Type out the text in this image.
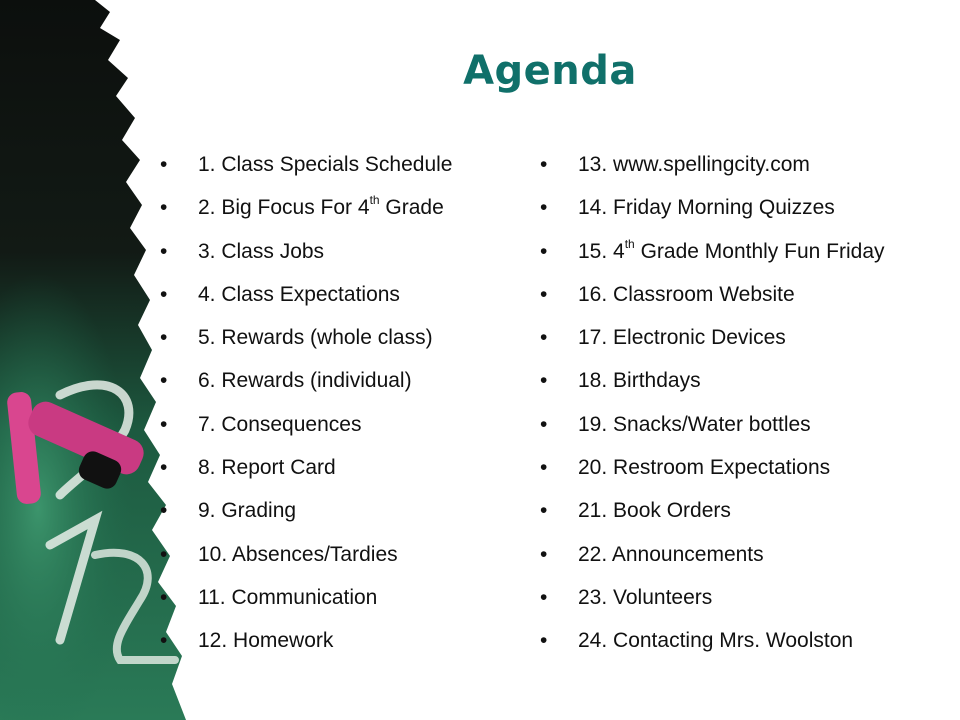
Agenda
• 1. Class Specials Schedule
• 2. Big Focus For 4th Grade
• 3. Class Jobs
• 4. Class Expectations
• 5. Rewards (whole class)
• 6. Rewards (individual)
• 7. Consequences
• 8. Report Card
• 9. Grading
• 10. Absences/Tardies
• 11. Communication
• 12. Homework
• 13. www.spellingcity.com
• 14. Friday Morning Quizzes
• 15. 4th Grade Monthly Fun Friday
• 16. Classroom Website
• 17. Electronic Devices
• 18. Birthdays
• 19. Snacks/Water bottles
• 20. Restroom Expectations
• 21. Book Orders
• 22. Announcements
• 23. Volunteers
• 24. Contacting Mrs. Woolston
